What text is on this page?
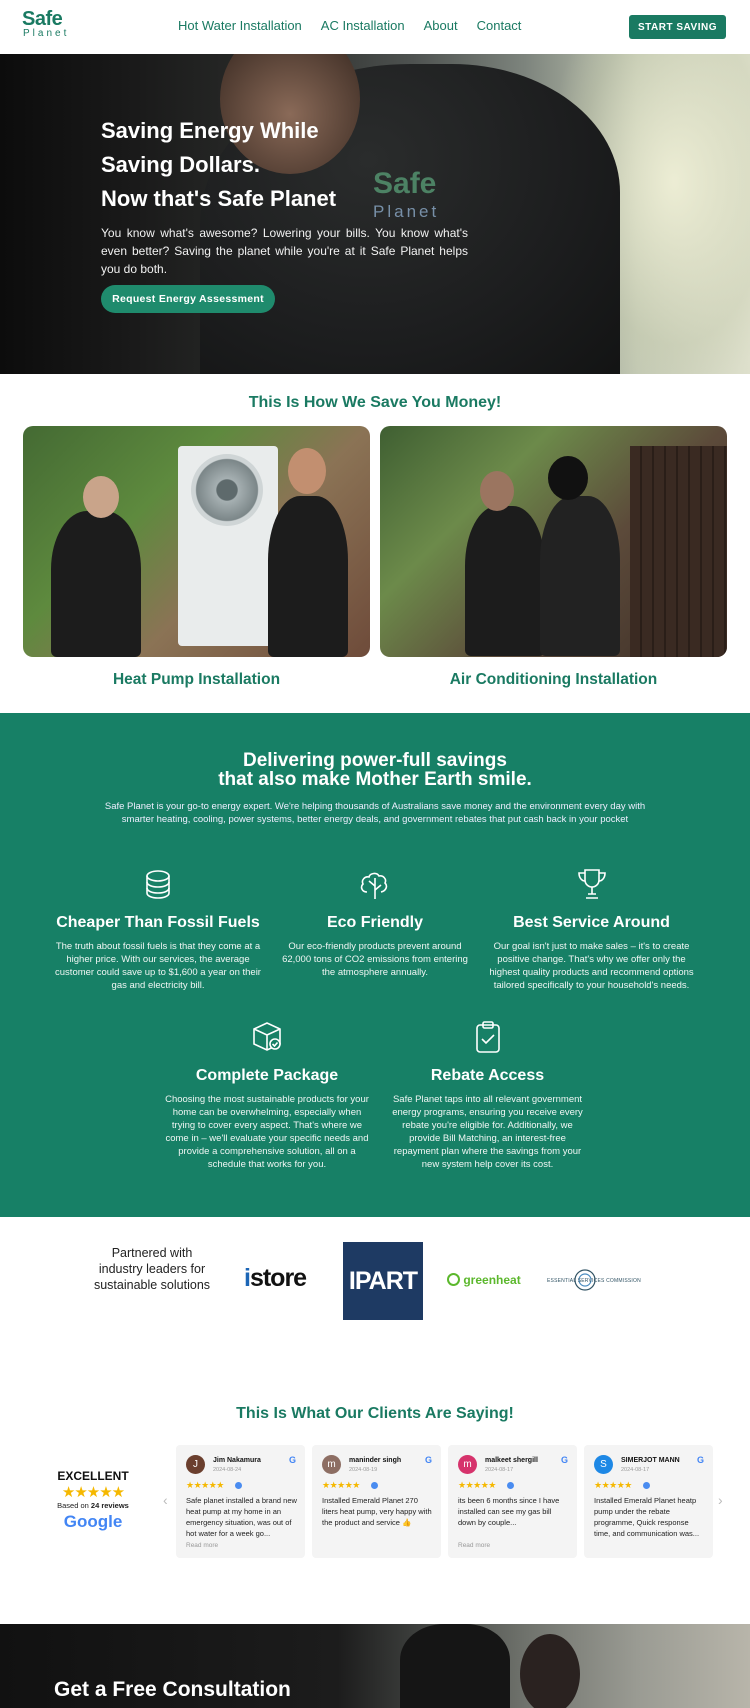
Safe
Planet
Hot Water Installation AC Installation About Contact	START SAVING
Safe
Planet
Saving Energy While
Saving Dollars.
Now that's Safe Planet
You know what's awesome? Lowering your bills. You know what's even better? Saving the planet while you're at it Safe Planet helps you do both.
Request Energy Assessment
This Is How We Save You Money!
Heat Pump Installation	Air Conditioning Installation
Delivering power-full savings
that also make Mother Earth smile.
Safe Planet is your go-to energy expert. We're helping thousands of Australians save money and the environment every day with smarter heating, cooling, power systems, better energy deals, and government rebates that put cash back in your pocket
Cheaper Than Fossil Fuels
The truth about fossil fuels is that they come at a higher price. With our services, the average customer could save up to $1,600 a year on their gas and electricity bill.
Eco Friendly
Our eco-friendly products prevent around 62,000 tons of CO2 emissions from entering the atmosphere annually.
Best Service Around
Our goal isn't just to make sales – it's to create positive change. That's why we offer only the highest quality products and recommend options tailored specifically to your household's needs.
Complete Package
Choosing the most sustainable products for your home can be overwhelming, especially when trying to cover every aspect. That's where we come in – we'll evaluate your specific needs and provide a comprehensive solution, all on a schedule that works for you.
Rebate Access
Safe Planet taps into all relevant government energy programs, ensuring you receive every rebate you're eligible for. Additionally, we provide Bill Matching, an interest-free repayment plan where the savings from your new system help cover its cost.
Partnered with industry leaders for sustainable solutions istore IPART	greenheat	ESSENTIAL SERVICES COMMISSION
This Is What Our Clients Are Saying!
EXCELLENT
★★★★★
Based on 24 reviews
Google
‹	›
J	Jim Nakamura
2024-08-24
G
★★★★★
Safe planet installed a brand new heat pump at my home in an emergency situation, was out of hot water for a week go...
Read more
m	maninder singh
2024-08-19
G
★★★★★
Installed Emerald Planet 270 liters heat pump, very happy with the product and service 👍
m	malkeet shergill
2024-08-17
G
★★★★★
its been 6 months since I have installed can see my gas bill down by couple...
Read more
S	SIMERJOT MANN
2024-08-17
G
★★★★★
Installed Emerald Planet heatp pump under the rebate programme, Quick response time, and communication was...
Get a Free Consultation
